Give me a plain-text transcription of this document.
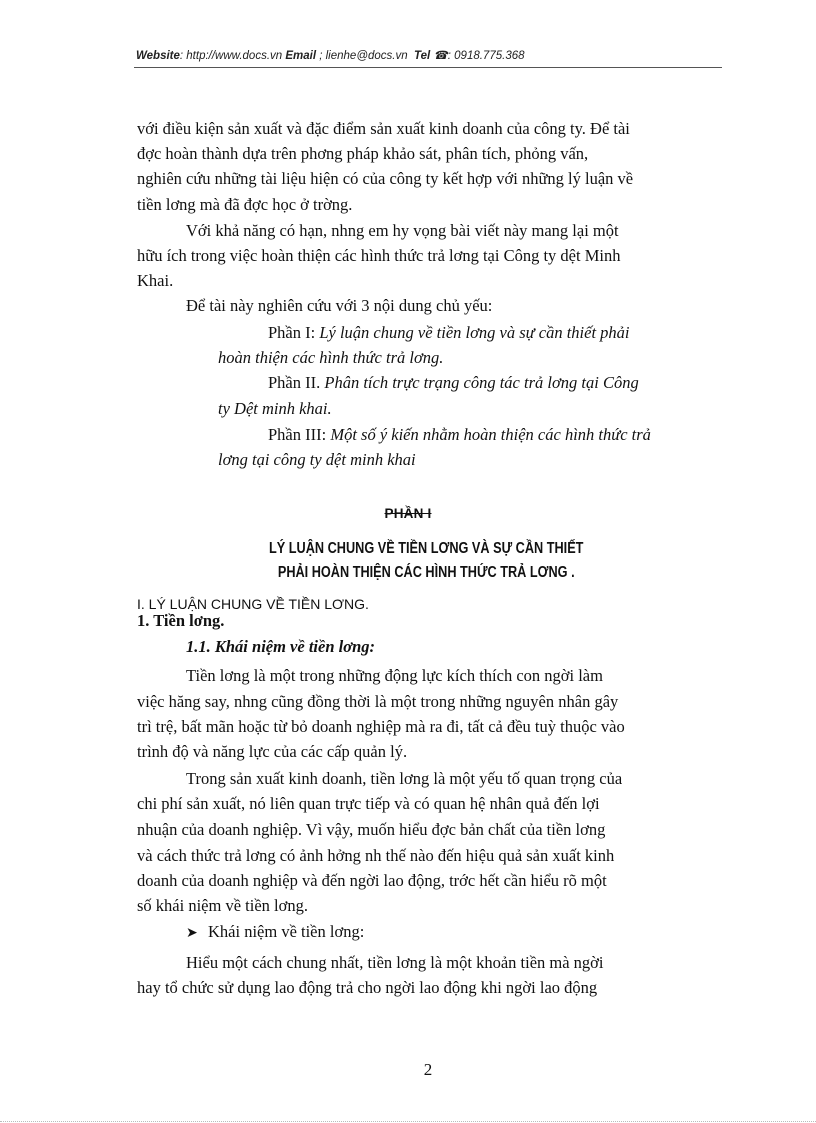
Website: http://www.docs.vn Email ; lienhe@docs.vn Tel ☎: 0918.775.368
với điều kiện sản xuất và đặc điểm sản xuất kinh doanh của công ty. Để tài
đợc hoàn thành dựa trên phơng pháp khảo sát, phân tích, phỏng vấn,
nghiên cứu những tài liệu hiện có của công ty kết hợp với những lý luận về
tiền lơng mà đã đợc học ở trờng.
Với khả năng có hạn, nhng em hy vọng bài viết này mang lại một
hữu ích trong việc hoàn thiện các hình thức trả lơng tại Công ty dệt Minh
Khai.
Để tài này nghiên cứu với 3 nội dung chủ yếu:
Phần I: Lý luận chung về tiền lơng và sự cần thiết phải
hoàn thiện các hình thức trả lơng.
Phần II. Phân tích trực trạng công tác trả lơng tại Công
ty Dệt minh khai.
Phần III: Một số ý kiến nhằm hoàn thiện các hình thức trả
lơng tại công ty dệt minh khai
PHẦN I
LÝ LUẬN CHUNG VỀ TIỀN LƠNG VÀ SỰ CẦN THIẾT
PHẢI HOÀN THIỆN CÁC HÌNH THỨC TRẢ LƠNG .
I. LÝ LUẬN CHUNG VỀ TIỀN LƠNG.
1. Tiền lơng.
1.1. Khái niệm về tiền lơng:
Tiền lơng là một trong những động lực kích thích con ngời làm
việc hăng say, nhng cũng đồng thời là một trong những nguyên nhân gây
trì trệ, bất mãn hoặc từ bỏ doanh nghiệp mà ra đi, tất cả đều tuỳ thuộc vào
trình độ và năng lực của các cấp quản lý.
Trong sản xuất kinh doanh, tiền lơng là một yếu tố quan trọng của
chi phí sản xuất, nó liên quan trực tiếp và có quan hệ nhân quả đến lợi
nhuận của doanh nghiệp. Vì vậy, muốn hiểu đợc bản chất của tiền lơng
và cách thức trả lơng có ảnh hởng nh thế nào đến hiệu quả sản xuất kinh
doanh của doanh nghiệp và đến ngời lao động, trớc hết cần hiểu rõ một
số khái niệm về tiền lơng.
➤ Khái niệm về tiền lơng:
Hiểu một cách chung nhất, tiền lơng là một khoản tiền mà ngời
hay tổ chức sử dụng lao động trả cho ngời lao động khi ngời lao động
2
